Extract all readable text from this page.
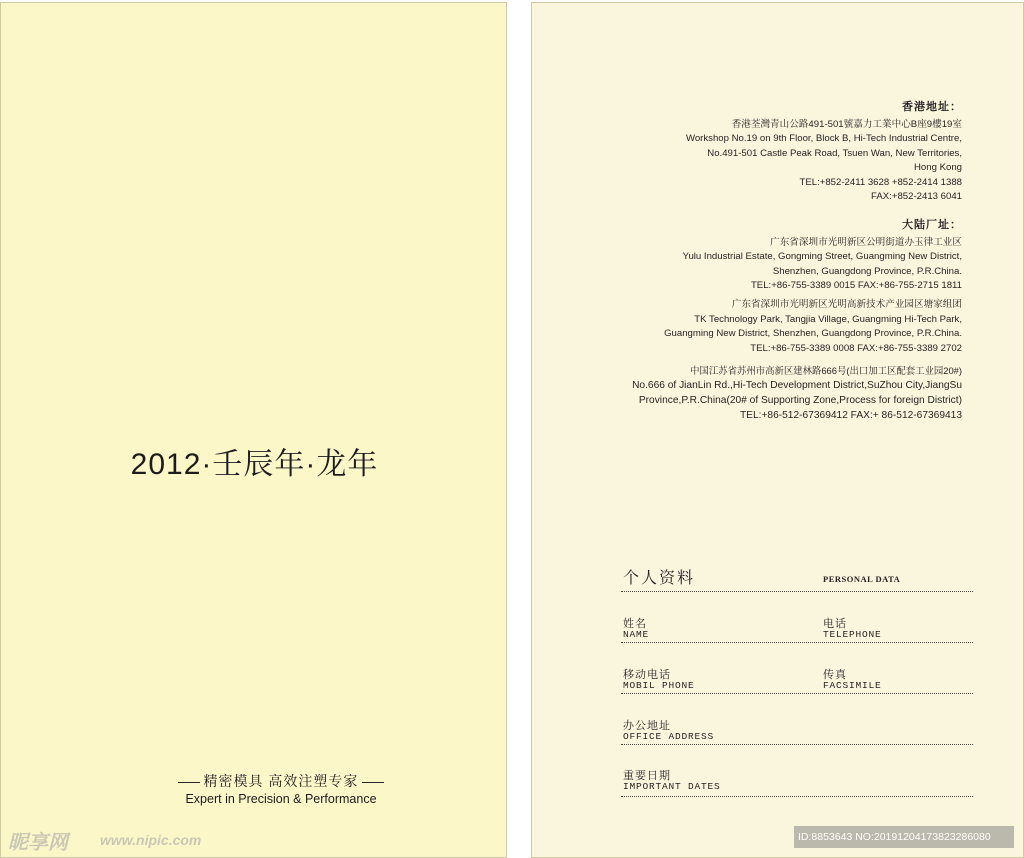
2012·壬辰年·龙年
精密模具 高效注塑专家
Expert in Precision & Performance
香港地址：
香港荃灣青山公路491-501號嘉力工業中心B座9樓19室
Workshop No.19 on 9th Floor, Block B, Hi-Tech Industrial Centre,
No.491-501 Castle Peak Road, Tsuen Wan, New Territories,
Hong Kong
TEL:+852-2411 3628 +852-2414 1388
FAX:+852-2413 6041
大陆厂址：
广东省深圳市光明新区公明街道办玉律工业区
Yulu Industrial Estate, Gongming Street, Guangming New District,
Shenzhen, Guangdong Province, P.R.China.
TEL:+86-755-3389 0015 FAX:+86-755-2715 1811
广东省深圳市光明新区光明高新技术产业园区塘家组团
TK Technology Park, Tangjia Village, Guangming Hi-Tech Park,
Guangming New District, Shenzhen, Guangdong Province, P.R.China.
TEL:+86-755-3389 0008 FAX:+86-755-3389 2702
中国江苏省苏州市高新区建林路666号(出口加工区配套工业园20#)
No.666 of JianLin Rd.,Hi-Tech Development District,SuZhou City,JiangSu
Province,P.R.China(20# of Supporting Zone,Process for foreign District)
TEL:+86-512-67369412 FAX:+ 86-512-67369413
个人资料	PERSONAL DATA
姓名
NAME
电话
TELEPHONE
移动电话
MOBIL PHONE
传真
FACSIMILE
办公地址
OFFICE ADDRESS
重要日期
IMPORTANT DATES
昵享网 www.nipic.com	ID:8853643 NO:20191204173823286080
